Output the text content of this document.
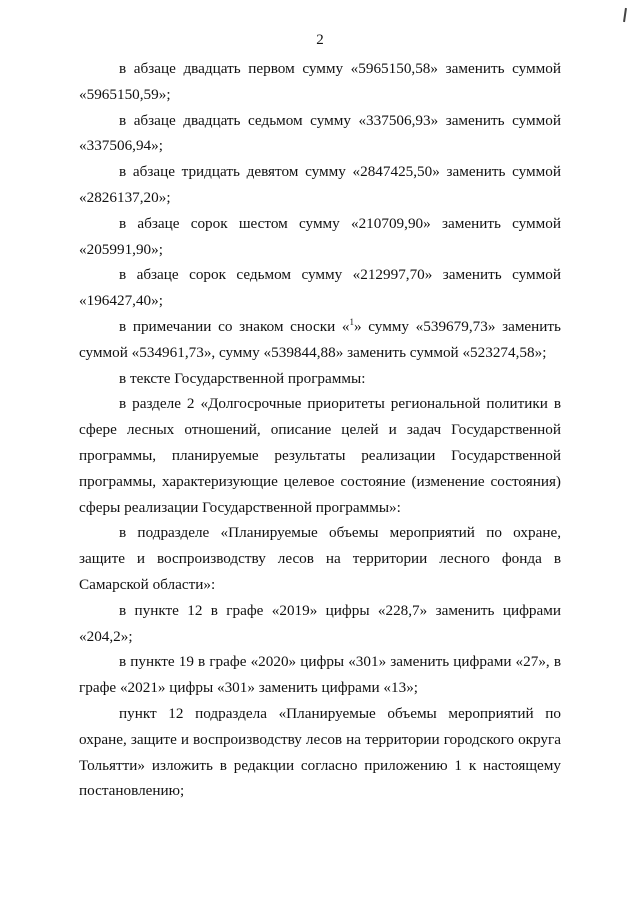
2

в абзаце двадцать первом сумму «5965150,58» заменить суммой «5965150,59»;

в абзаце двадцать седьмом сумму «337506,93» заменить суммой «337506,94»;

в абзаце тридцать девятом сумму «2847425,50» заменить суммой «2826137,20»;

в абзаце сорок шестом сумму «210709,90» заменить суммой «205991,90»;

в абзаце сорок седьмом сумму «212997,70» заменить суммой «196427,40»;

в примечании со знаком сноски «$^1$» сумму «539679,73» заменить суммой «534961,73», сумму «539844,88» заменить суммой «523274,58»;

в тексте Государственной программы:

в разделе 2 «Долгосрочные приоритеты региональной политики в сфере лесных отношений, описание целей и задач Государственной программы, планируемые результаты реализации Государственной программы, характеризующие целевое состояние (изменение состояния) сферы реализации Государственной программы»:

в подразделе «Планируемые объемы мероприятий по охране, защите и воспроизводству лесов на территории лесного фонда в Самарской области»:

в пункте 12 в графе «2019» цифры «228,7» заменить цифрами «204,2»;

в пункте 19 в графе «2020» цифры «301» заменить цифрами «27», в графе «2021» цифры «301» заменить цифрами «13»;

пункт 12 подраздела «Планируемые объемы мероприятий по охране, защите и воспроизводству лесов на территории городского округа Тольятти» изложить в редакции согласно приложению 1 к настоящему постановлению;
